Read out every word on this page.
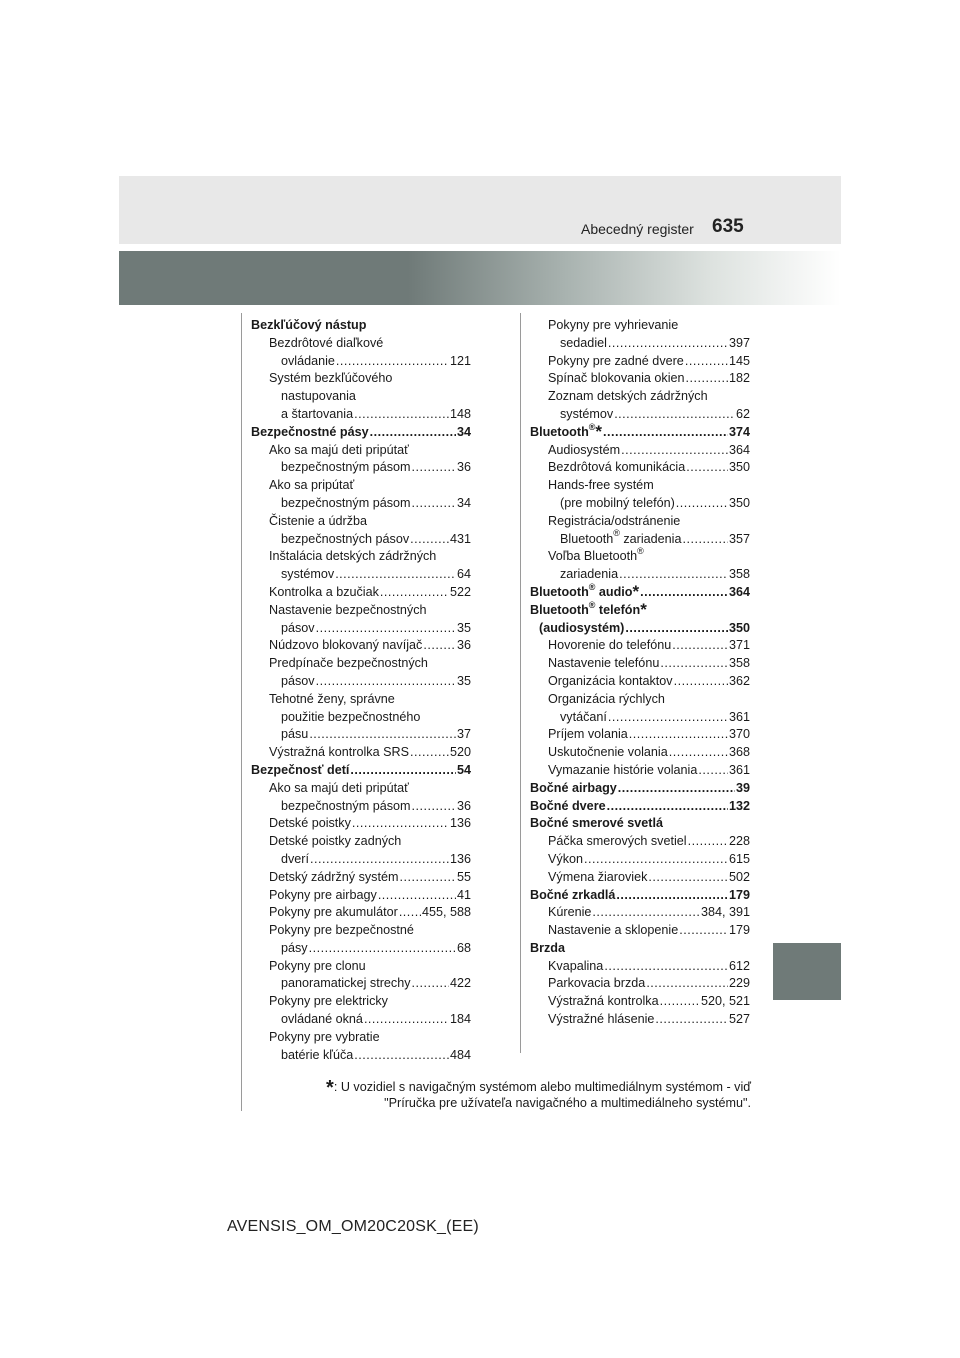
Abecedný register 635
Bezkľúčový nástup
Bezdrôtové diaľkové
ovládanie .....	121
Systém bezkľúčového
nastupovania
a štartovania .....	148
Bezpečnostné pásy .....	34
Ako sa majú deti pripútať
bezpečnostným pásom .....	36
Ako sa pripútať
bezpečnostným pásom .....	34
Čistenie a údržba
bezpečnostných pásov .....	431
Inštalácia detských zádržných
systémov .....	64
Kontrolka a bzučiak .....	522
Nastavenie bezpečnostných
pásov .....	35
Núdzovo blokovaný navíjač .....	36
Predpínače bezpečnostných
pásov .....	35
Tehotné ženy, správne
použitie bezpečnostného
pásu .....	37
Výstražná kontrolka SRS .....	520
Bezpečnosť detí .....	54
Ako sa majú deti pripútať
bezpečnostným pásom .....	36
Detské poistky .....	136
Detské poistky zadných
dverí .....	136
Detský zádržný systém .....	55
Pokyny pre airbagy .....	41
Pokyny pre akumulátor ..... 455, 588
Pokyny pre bezpečnostné
pásy .....	68
Pokyny pre clonu
panoramatickej strechy .....	422
Pokyny pre elektricky
ovládané okná .....	184
Pokyny pre vybratie
batérie kľúča .....	484
Pokyny pre vyhrievanie
sedadiel .....	397
Pokyny pre zadné dvere .....	145
Spínač blokovania okien .....	182
Zoznam detských zádržných
systémov .....	62
Bluetooth®* .....	374
Audiosystém .....	364
Bezdrôtová komunikácia .....	350
Hands-free systém
(pre mobilný telefón) .....	350
Registrácia/odstránenie
Bluetooth® zariadenia .....	357
Voľba Bluetooth®
zariadenia .....	358
Bluetooth® audio* .....	364
Bluetooth® telefón*
(audiosystém) .....	350
Hovorenie do telefónu .....	371
Nastavenie telefónu .....	358
Organizácia kontaktov .....	362
Organizácia rýchlych
vytáčaní .....	361
Príjem volania .....	370
Uskutočnenie volania .....	368
Vymazanie histórie volania .....	361
Bočné airbagy .....	39
Bočné dvere .....	132
Bočné smerové svetlá
Páčka smerových svetiel .....	228
Výkon .....	615
Výmena žiaroviek .....	502
Bočné zrkadlá .....	179
Kúrenie .....	384, 391
Nastavenie a sklopenie .....	179
Brzda
Kvapalina .....	612
Parkovacia brzda .....	229
Výstražná kontrolka .....	520, 521
Výstražné hlásenie .....	527
*: U vozidiel s navigačným systémom alebo multimediálnym systémom - viď
"Príručka pre užívateľa navigačného a multimediálneho systému".
AVENSIS_OM_OM20C20SK_(EE)
